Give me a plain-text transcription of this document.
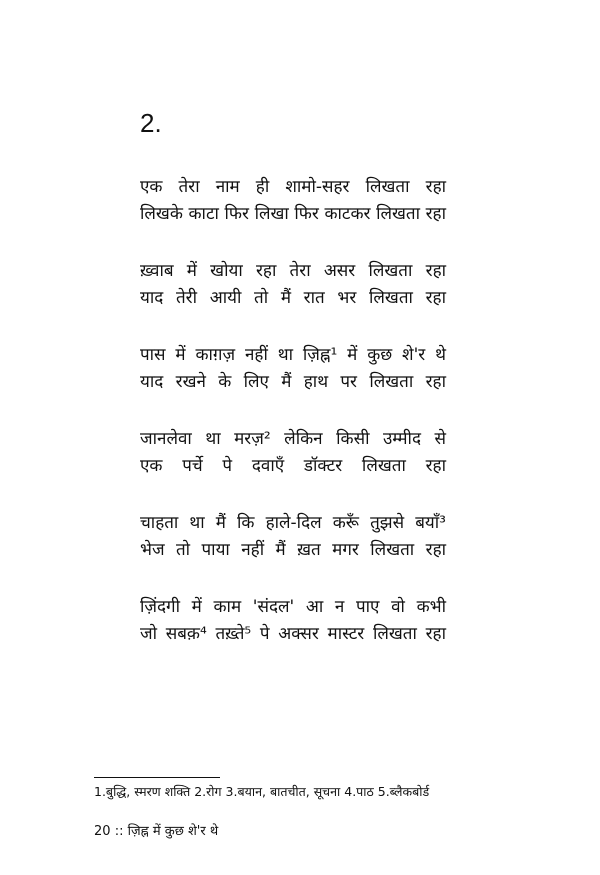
2.
एक तेरा नाम ही शामो-सहर लिखता रहा
लिखके काटा फिर लिखा फिर काटकर लिखता रहा
ख़्वाब में खोया रहा तेरा असर लिखता रहा
याद तेरी आयी तो मैं रात भर लिखता रहा
पास में काग़ज़ नहीं था ज़िह्न¹ में कुछ शे'र थे
याद रखने के लिए मैं हाथ पर लिखता रहा
जानलेवा था मरज़² लेकिन किसी उम्मीद से
एक पर्चे पे दवाएँ डॉक्टर लिखता रहा
चाहता था मैं कि हाले-दिल करूँ तुझसे बयाँ³
भेज तो पाया नहीं मैं ख़त मगर लिखता रहा
ज़िंदगी में काम 'संदल' आ न पाए वो कभी
जो सबक़⁴ तख़्ते⁵ पे अक्सर मास्टर लिखता रहा
1.बुद्धि, स्मरण शक्ति 2.रोग 3.बयान, बातचीत, सूचना 4.पाठ 5.ब्लैकबोर्ड
20 :: ज़िह्न में कुछ शे'र थे
